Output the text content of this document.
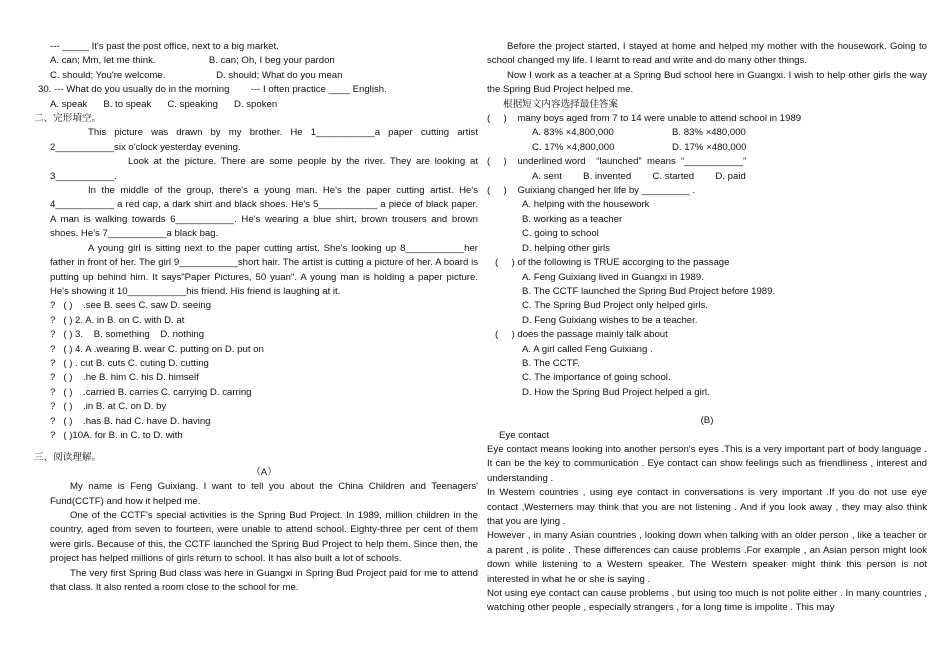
--- _____ It's past the post office, next to a big market.
A. can; Mm, let me think.                    B. can; Oh, I beg your pardon
C. should; You're welcome.                   D. should; What do you mean
30. --- What do you usually do in the morning        --- I often practice ____ English.
A. speak      B. to speak      C. speaking      D. spoken
二、完形填空。
This picture was drawn by my brother. He 1___________a paper cutting artist 2___________six o'clock yesterday evening.
Look at the picture. There are some people by the river. They are looking at 3___________.
In the middle of the group, there's a young man. He's the paper cutting artist. He's 4___________ a red cap, a dark shirt and black shoes. He's 5___________ a piece of black paper. A man is walking towards 6___________. He's wearing a blue shirt, brown trousers and brown shoes. He's 7___________a black bag.
A young girl is sitting next to the paper cutting artist. She's looking up 8___________her father in front of her. The girl 9___________short hair. The artist is cutting a picture of her. A board is putting up behind him. It says"Paper Pictures, 50 yuan". A young man is holding a paper picture. He's showing it 10___________his friend. His friend is laughing at it.
?   ( )    .see B. sees C. saw D. seeing
?   ( ) 2. A. in B. on C. with D. at
?   ( ) 3.    B. something    D. nothing
?   ( ) 4. A .wearing B. wear C. putting on D. put on
?   ( ) . cut B. cuts C. cuting D. cutting
?   ( )    .he B. him C. his D. himself
?   ( )    .carried B. carries C. carrying D. carring
?   ( )    .in B. at C. on D. by
?   ( )    .has B. had C. have D. having
?   ( )10A. for B. in C. to D. with
三、阅读理解。
（A）
My name is Feng Guixiang. I want to tell you about the China Children and Teenagers' Fund(CCTF) and how it helped me.
One of the CCTF's special activities is the Spring Bud Project. In 1989, million children in the country, aged from seven to fourteen, were unable to attend school. Eighty-three per cent of them were girls. Because of this, the CCTF launched the Spring Bud Project to help them. Since then, the project has helped millions of girls return to school. It has also built a lot of schools.
The very first Spring Bud class was here in Guangxi in Spring Bud Project paid for me to attend that class. It also rented a room close to the school for me.
Before the project started, I stayed at home and helped my mother with the housework. Going to school changed my life. I learnt to read and write and do many other things.
Now I work as a teacher at a Spring Bud school here in Guangxi. I wish to help other girls the way the Spring Bud Project helped me.
根据短文内容选择最佳答案
(     )    many boys aged from 7 to 14 were unable to attend school in 1989
A. 83% ×4,800,000	B. 83% ×480,000
C. 17% ×4,800,000	D. 17% ×480,000
(     )    underlined word    “launched”  means  “___________”
A. sent        B. invented        C. started        D. paid
(     )    Guixiang changed her life by _________ .
A. helping with the housework
B. working as a teacher
C. going to school
D. helping other girls
(     ) of the following is TRUE accorging to the passage
A. Feng Guixiang lived in Guangxi in 1989.
B. The CCTF launched the Spring Bud Project before 1989.
C. The Spring Bud Project only helped girls.
D. Feng Guixiang wishes to be a teacher.
(     ) does the passage mainly talk about
A. A girl called Feng Guixiang .
B. The CCTF.
C. The importance of going school.
D. How the Spring Bud Project helped a girl.
(B)
Eye contact
Eye contact means looking into another person's eyes .This is a very important part of body language . It can be the key to communication . Eye contact can show feelings such as friendliness , interest and understanding .
In Western countries , using eye contact in conversations is very important .If you do not use eye contact ,Westerners may think that you are not listening . And if you look away , they may also think that you are lying .
However , in many Asian countries , looking down when talking with an older person , like a teacher or a parent , is polite . These differences can cause problems .For example , an Asian person might look down while listening to a Western speaker. The Western speaker might think this person is not interested in what he or she is saying .
Not using eye contact can cause problems , but using too much is not polite either . In many countries , watching other people , especially strangers , for a long time is impolite . This may
